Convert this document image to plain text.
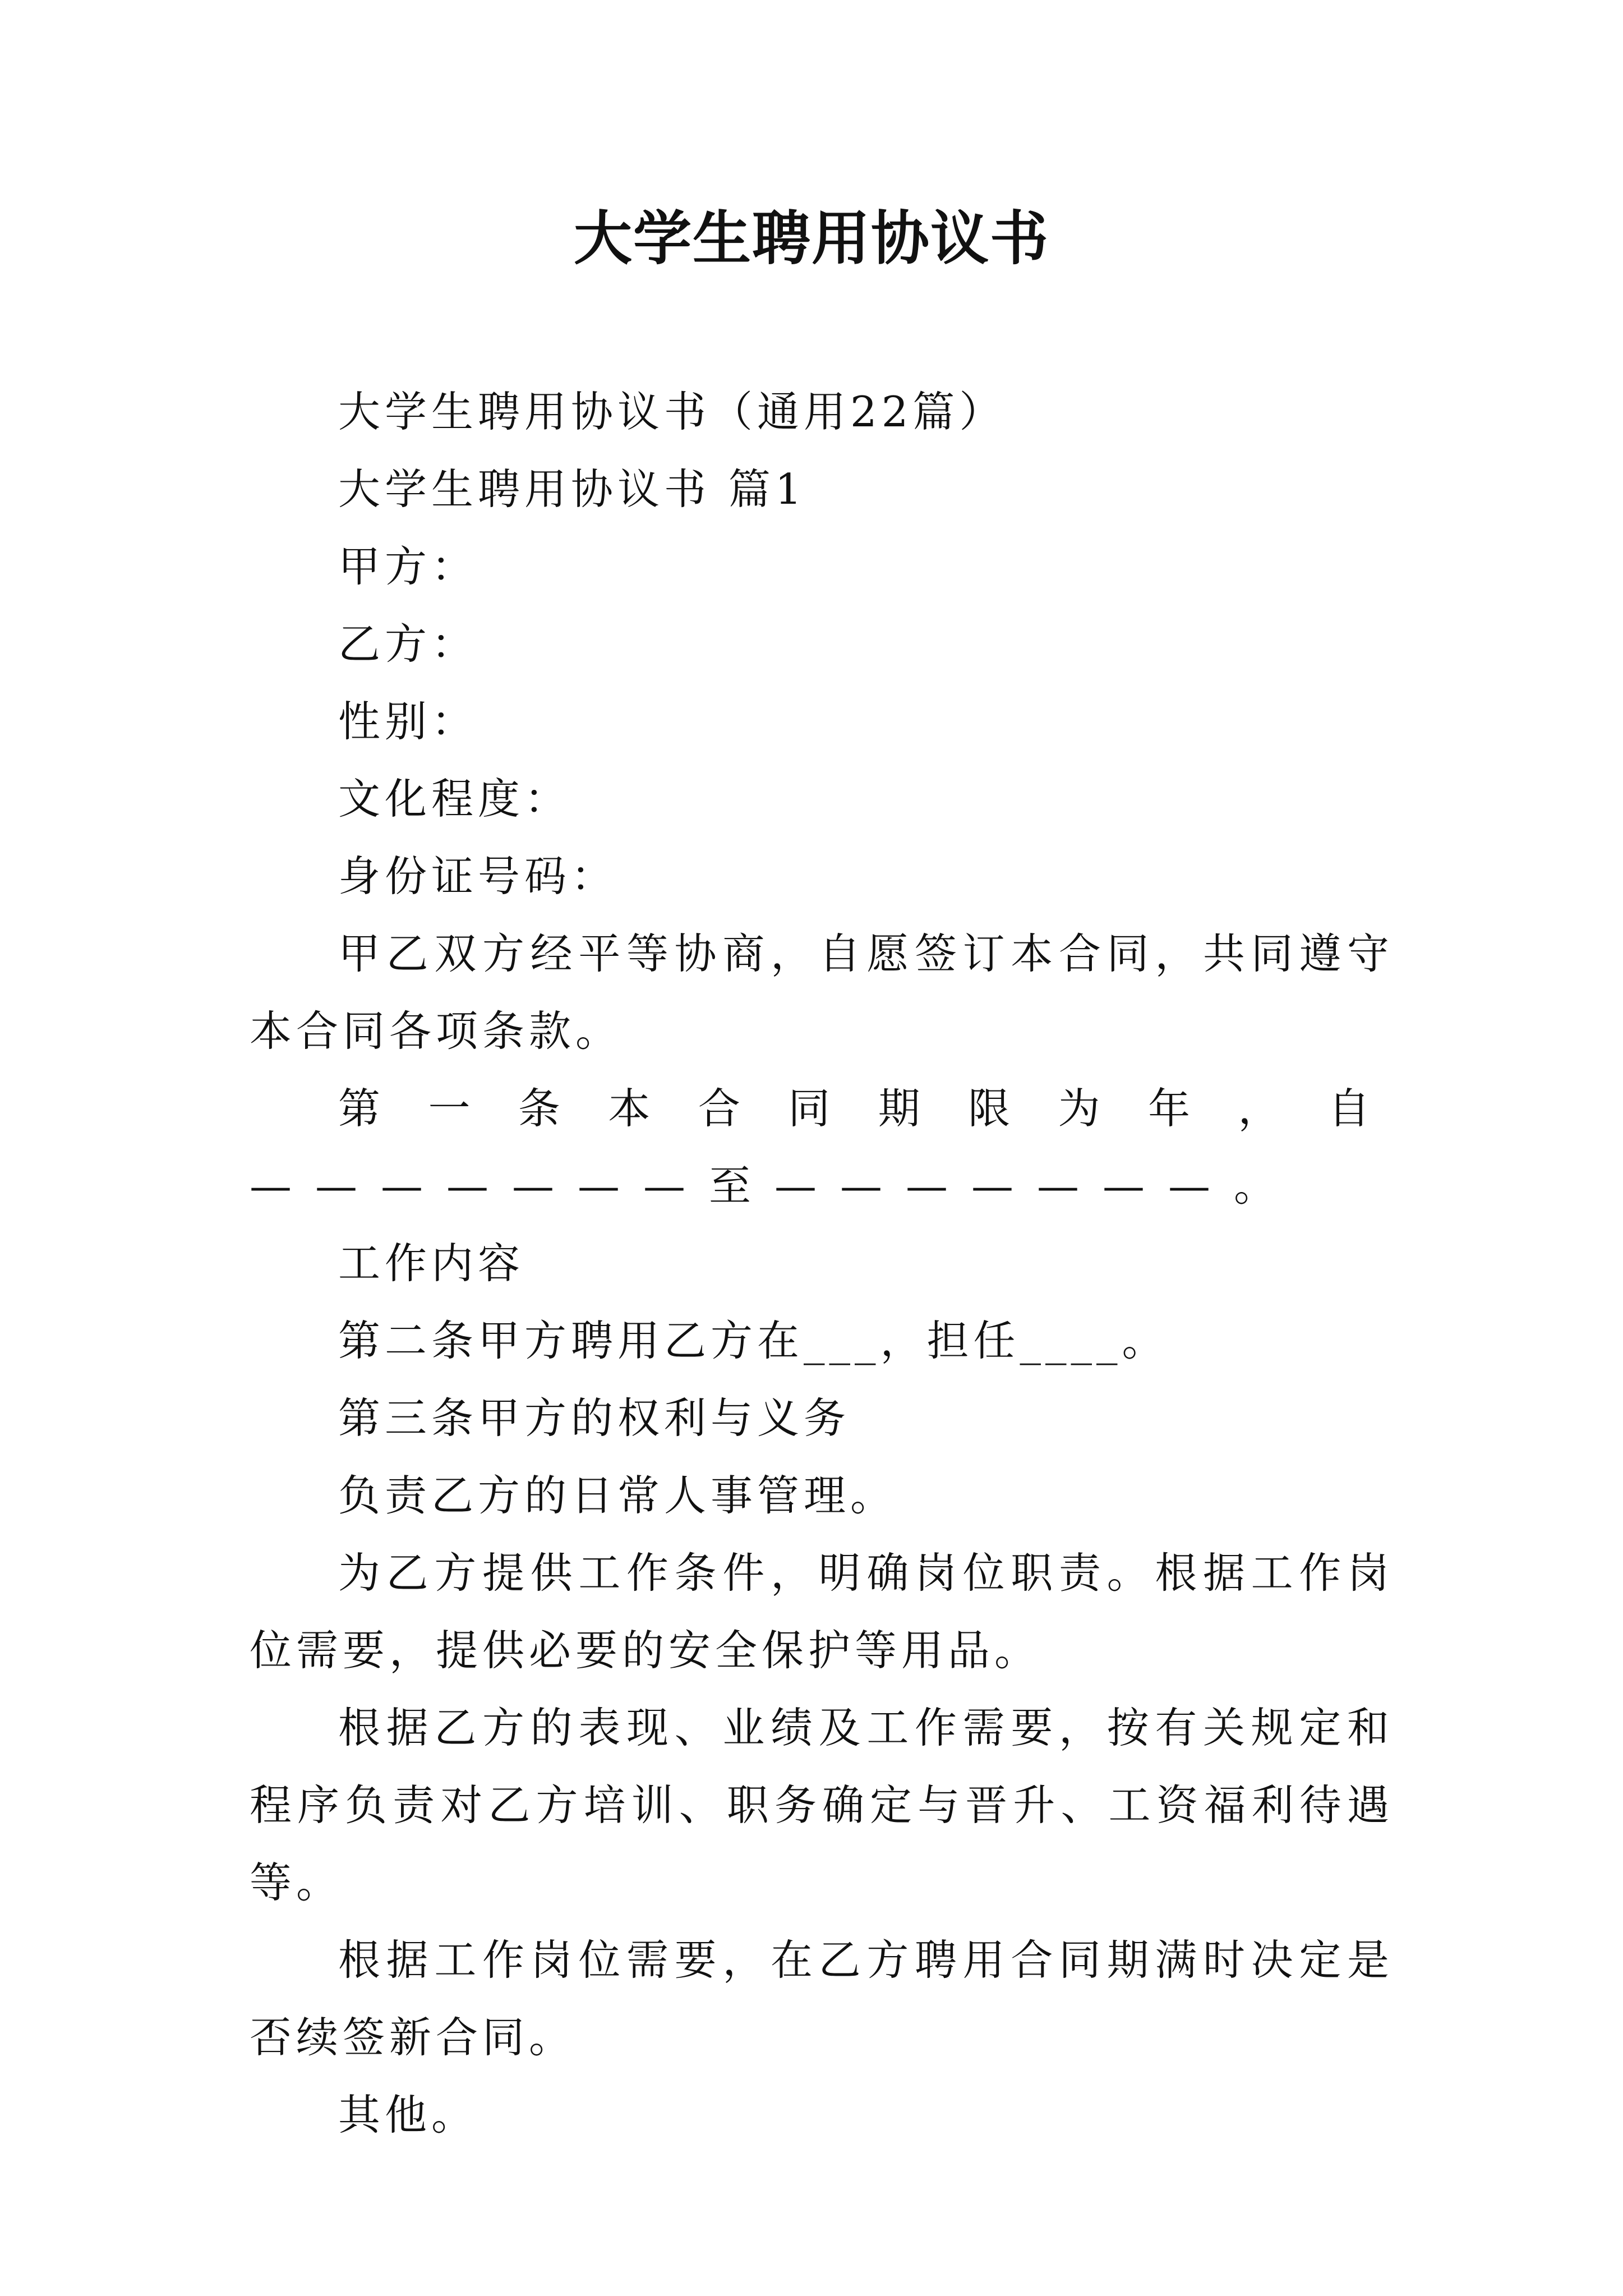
大学生聘用协议书

大学生聘用协议书（通用22篇）

大学生聘用协议书 篇1

甲方：

乙方：

性别：

文化程度：

身份证号码：

甲乙双方经平等协商，自愿签订本合同，共同遵守本合同各项条款。

第一条本合同期限为年，自———————至———————。

工作内容

第二条甲方聘用乙方在___，担任____。

第三条甲方的权利与义务

负责乙方的日常人事管理。

为乙方提供工作条件，明确岗位职责。根据工作岗位需要，提供必要的安全保护等用品。

根据乙方的表现、业绩及工作需要，按有关规定和程序负责对乙方培训、职务确定与晋升、工资福利待遇等。

根据工作岗位需要，在乙方聘用合同期满时决定是否续签新合同。

其他。
